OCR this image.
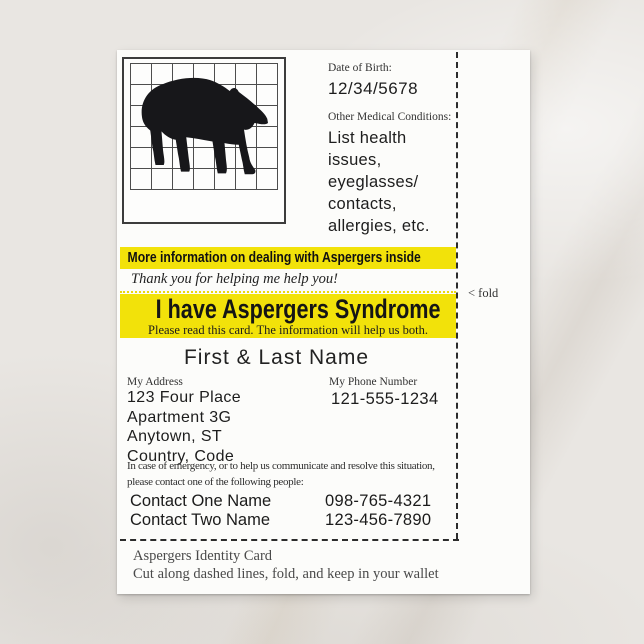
Date of Birth:
12/34/5678
Other Medical Conditions:
List health issues, eyeglasses/ contacts, allergies, etc.
< fold
More information on dealing with Aspergers inside
Thank you for helping me help you!
I have Aspergers Syndrome
Please read this card. The information will help us both.
First & Last Name
My Address
123 Four Place
Apartment 3G
Anytown, ST
Country, Code
My Phone Number
121-555-1234
In case of emergency, or to help us communicate and resolve this situation,
please contact one of the following people:
Contact One Name	098-765-4321
Contact Two Name	123-456-7890
Aspergers Identity Card
Cut along dashed lines, fold, and keep in your wallet
